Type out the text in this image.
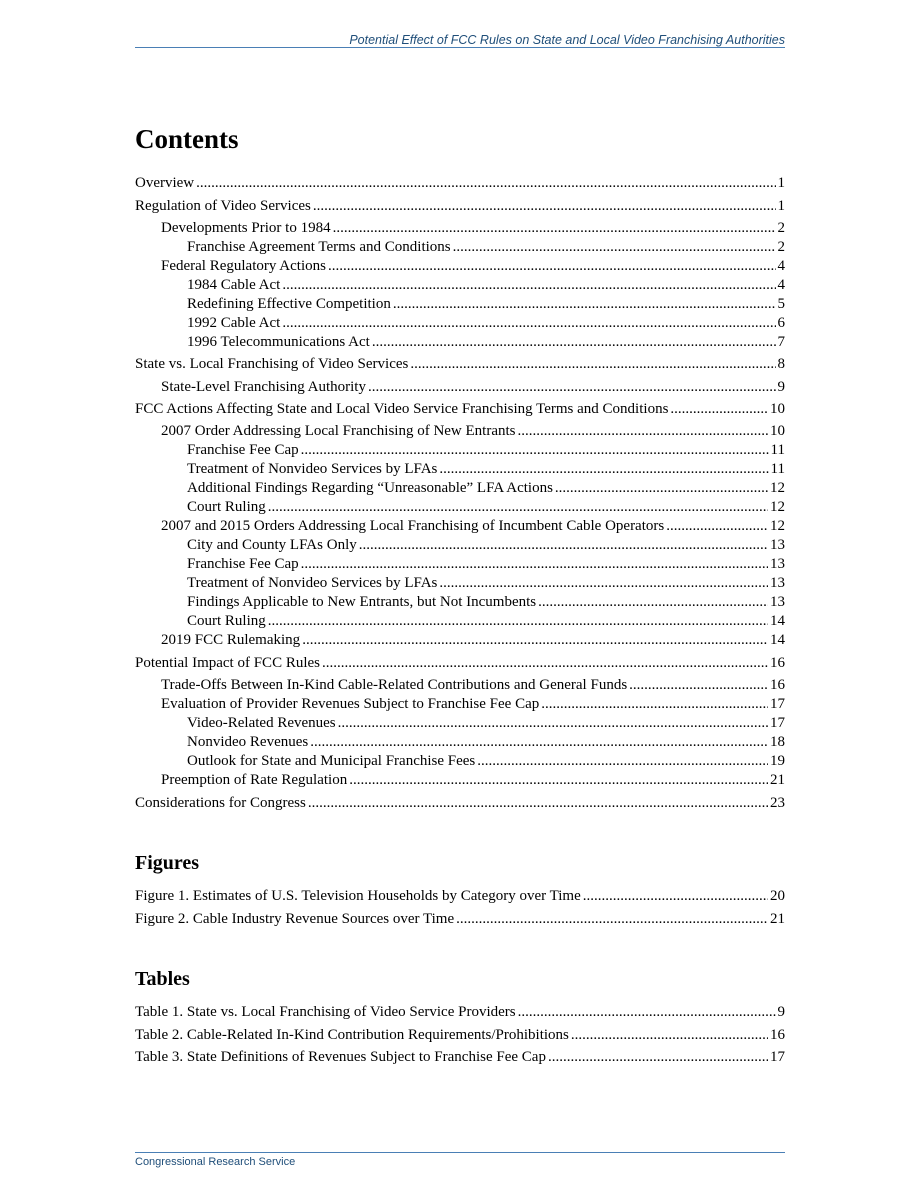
Potential Effect of FCC Rules on State and Local Video Franchising Authorities
Contents
Overview .....	1
Regulation of Video Services .....	1
Developments Prior to 1984 .....	2
Franchise Agreement Terms and Conditions .....	2
Federal Regulatory Actions .....	4
1984 Cable Act .....	4
Redefining Effective Competition .....	5
1992 Cable Act .....	6
1996 Telecommunications Act .....	7
State vs. Local Franchising of Video Services .....	8
State-Level Franchising Authority .....	9
FCC Actions Affecting State and Local Video Service Franchising Terms and Conditions .....	10
2007 Order Addressing Local Franchising of New Entrants .....	10
Franchise Fee Cap .....	11
Treatment of Nonvideo Services by LFAs .....	11
Additional Findings Regarding “Unreasonable” LFA Actions .....	12
Court Ruling .....	12
2007 and 2015 Orders Addressing Local Franchising of Incumbent Cable Operators .....	12
City and County LFAs Only .....	13
Franchise Fee Cap .....	13
Treatment of Nonvideo Services by LFAs .....	13
Findings Applicable to New Entrants, but Not Incumbents .....	13
Court Ruling .....	14
2019 FCC Rulemaking .....	14
Potential Impact of FCC Rules .....	16
Trade-Offs Between In-Kind Cable-Related Contributions and General Funds .....	16
Evaluation of Provider Revenues Subject to Franchise Fee Cap .....	17
Video-Related Revenues .....	17
Nonvideo Revenues .....	18
Outlook for State and Municipal Franchise Fees .....	19
Preemption of Rate Regulation .....	21
Considerations for Congress .....	23
Figures
Figure 1. Estimates of U.S. Television Households by Category over Time .....	20
Figure 2. Cable Industry Revenue Sources over Time .....	21
Tables
Table 1. State vs. Local Franchising of Video Service Providers .....	9
Table 2. Cable-Related In-Kind Contribution Requirements/Prohibitions .....	16
Table 3. State Definitions of Revenues Subject to Franchise Fee Cap .....	17
Congressional Research Service
